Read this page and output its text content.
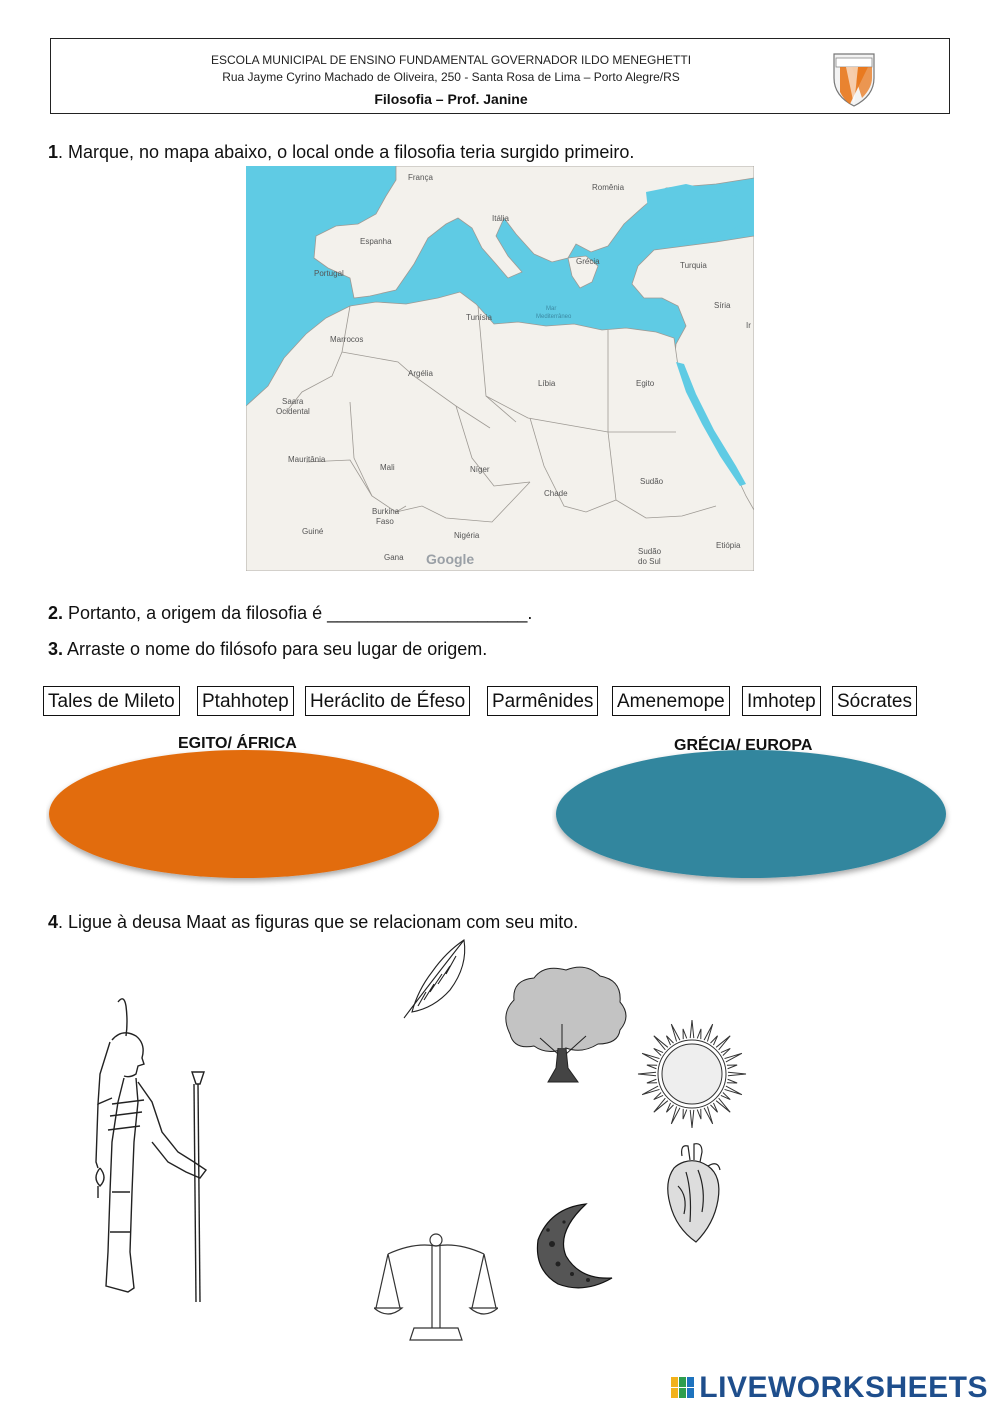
ESCOLA MUNICIPAL DE ENSINO FUNDAMENTAL GOVERNADOR ILDO MENEGHETTI
Rua Jayme Cyrino Machado de Oliveira, 250 - Santa Rosa de Lima – Porto Alegre/RS
Filosofia – Prof. Janine
1. Marque, no mapa abaixo, o local onde a filosofia teria surgido primeiro.
França
Romênia
Itália
Espanha
Portugal
Grécia	Turquia
Síria
Mar
Mediterrâneo
Tunísia
Marrocos
Argélia
Líbia	Egito
Saara
Ocidental
Mauritânia
Mali	Níger
Chade
Sudão
Burkina
Faso
Guiné	Nigéria
Gana Google	Sudão
do Sul
Etiópia
Ir
2. Portanto, a origem da filosofia é ____________________.
3. Arraste o nome do filósofo para seu lugar de origem.
Tales de Mileto Ptahhotep Heráclito de Éfeso Parmênides Amenemope Imhotep Sócrates
EGITO/ ÁFRICA	GRÉCIA/ EUROPA
4. Ligue à deusa Maat as figuras que se relacionam com seu mito.
LIVEWORKSHEETS
